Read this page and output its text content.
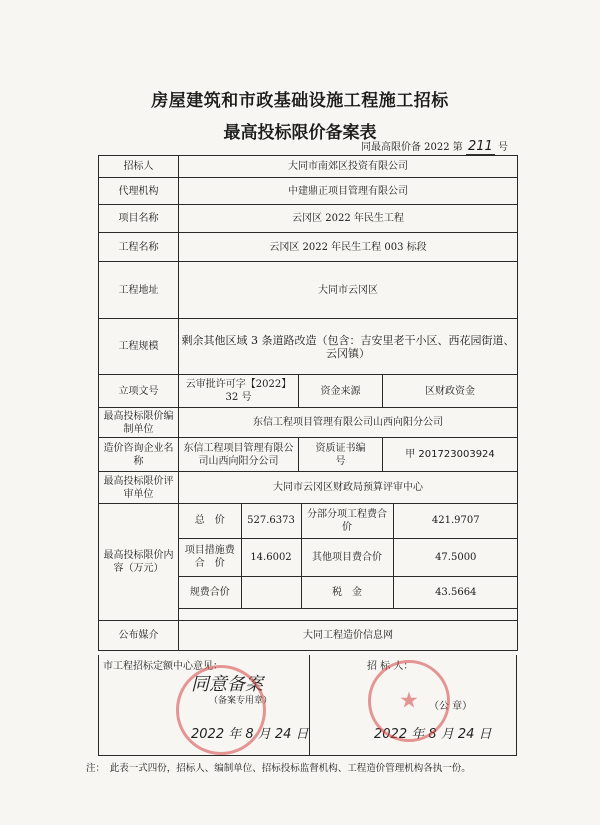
房屋建筑和市政基础设施工程施工招标
最高投标限价备案表
同最高限价备 2022 第 211 号
招标人	大同市南郊区投资有限公司
代理机构	中建鼎正项目管理有限公司
项目名称	云冈区 2022 年民生工程
工程名称	云冈区 2022 年民生工程 003 标段
工程地址	大同市云冈区
工程规模	剩余其他区域 3 条道路改造（包含：吉安里老干小区、西花园街道、云冈镇）
立项文号	云审批许可字【2022】32 号	资金来源	区财政资金
最高投标限价编制单位	东信工程项目管理有限公司山西向阳分公司
造价咨询企业名称	东信工程项目管理有限公司山西向阳分公司	资质证书编　　号	甲 201723003924
最高投标限价评审单位	大同市云冈区财政局预算评审中心
最高投标限价内容（万元）	
总　价	527.6373	分部分项工程费合价	421.9707
项目措施费合　价	14.6002	其他项目费合价	47.5000
规费合价		税　金	43.5664

公布媒介	大同工程造价信息网
市工程招标定额中心意见：
同意备案
（备案专用章）
2022 年 8 月 24 日
招 标 人：
（公 章）
2022 年 8 月 24 日
★
注：　此表一式四份，招标人、编制单位、招标投标监督机构、工程造价管理机构各执一份。
